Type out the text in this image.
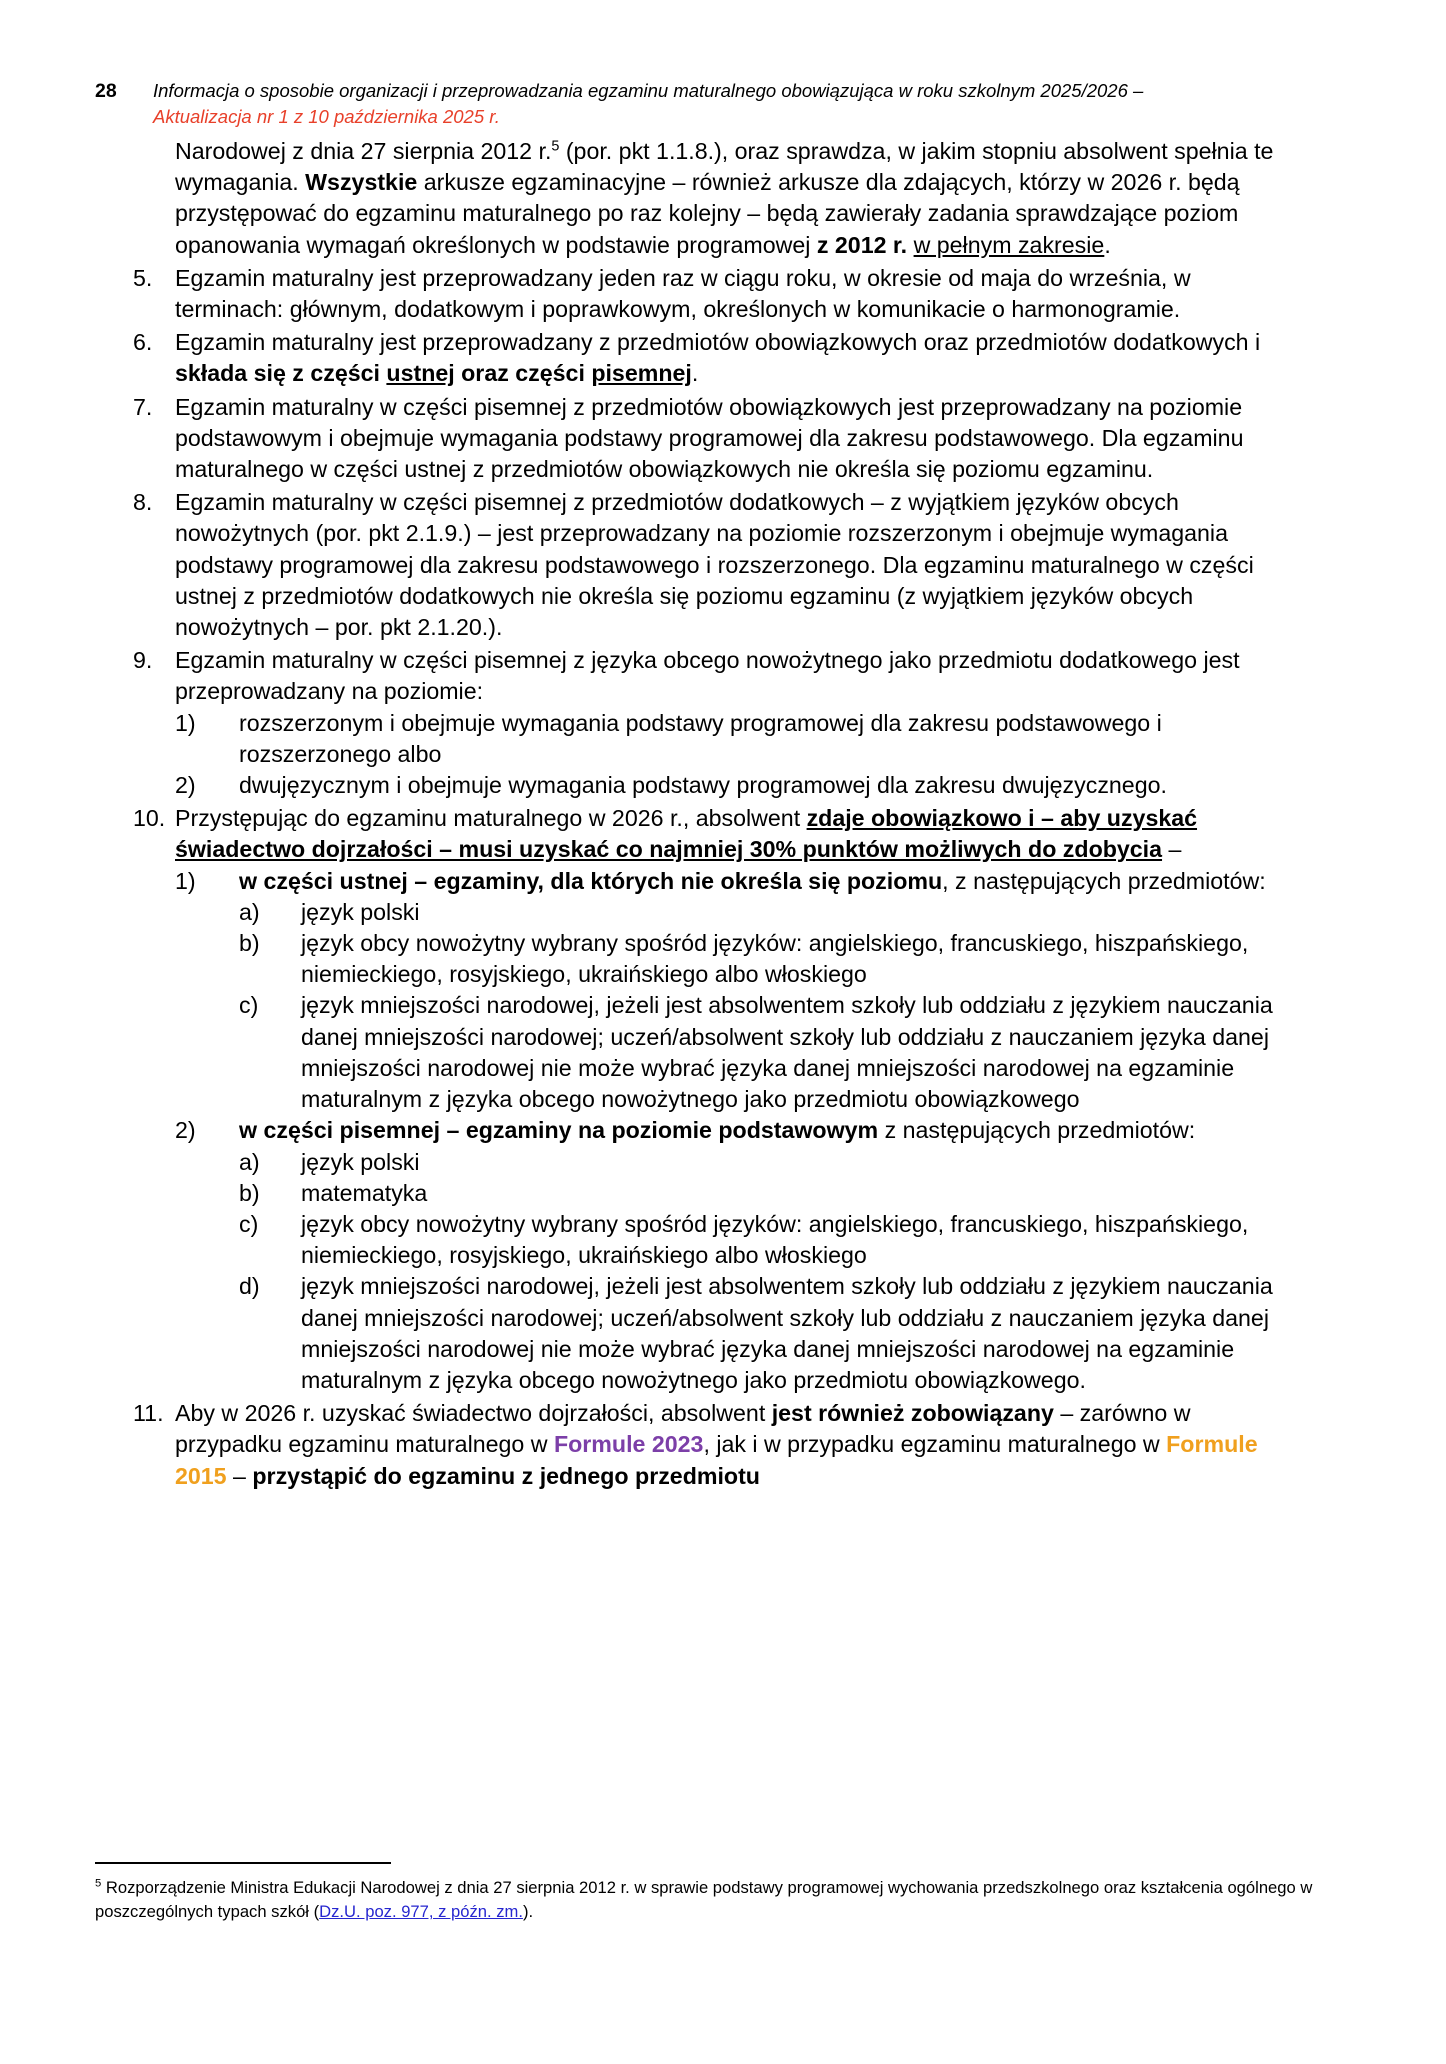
28	Informacja o sposobie organizacji i przeprowadzania egzaminu maturalnego obowiązująca w roku szkolnym 2025/2026 –
Aktualizacja nr 1 z 10 października 2025 r.

Narodowej z dnia 27 sierpnia 2012 r.$^5$ (por. pkt 1.1.8.), oraz sprawdza, w jakim stopniu absolwent spełnia te wymagania. Wszystkie arkusze egzaminacyjne – również arkusze dla zdających, którzy w 2026 r. będą przystępować do egzaminu maturalnego po raz kolejny – będą zawierały zadania sprawdzające poziom opanowania wymagań określonych w podstawie programowej z 2012 r. w pełnym zakresie.

5. Egzamin maturalny jest przeprowadzany jeden raz w ciągu roku, w okresie od maja do września, w terminach: głównym, dodatkowym i poprawkowym, określonych w komunikacie o harmonogramie.
6. Egzamin maturalny jest przeprowadzany z przedmiotów obowiązkowych oraz przedmiotów dodatkowych i składa się z części ustnej oraz części pisemnej.
7. Egzamin maturalny w części pisemnej z przedmiotów obowiązkowych jest przeprowadzany na poziomie podstawowym i obejmuje wymagania podstawy programowej dla zakresu podstawowego. Dla egzaminu maturalnego w części ustnej z przedmiotów obowiązkowych nie określa się poziomu egzaminu.
8. Egzamin maturalny w części pisemnej z przedmiotów dodatkowych – z wyjątkiem języków obcych nowożytnych (por. pkt 2.1.9.) – jest przeprowadzany na poziomie rozszerzonym i obejmuje wymagania podstawy programowej dla zakresu podstawowego i rozszerzonego. Dla egzaminu maturalnego w części ustnej z przedmiotów dodatkowych nie określa się poziomu egzaminu (z wyjątkiem języków obcych nowożytnych – por. pkt 2.1.20.).
9. Egzamin maturalny w części pisemnej z języka obcego nowożytnego jako przedmiotu dodatkowego jest przeprowadzany na poziomie:
1)	rozszerzonym i obejmuje wymagania podstawy programowej dla zakresu podstawowego i rozszerzonego albo
2)	dwujęzycznym i obejmuje wymagania podstawy programowej dla zakresu dwujęzycznego.
10. Przystępując do egzaminu maturalnego w 2026 r., absolwent zdaje obowiązkowo i – aby uzyskać świadectwo dojrzałości – musi uzyskać co najmniej 30% punktów możliwych do zdobycia –
1)	w części ustnej – egzaminy, dla których nie określa się poziomu, z następujących przedmiotów:
a)	język polski
b)	język obcy nowożytny wybrany spośród języków: angielskiego, francuskiego, hiszpańskiego, niemieckiego, rosyjskiego, ukraińskiego albo włoskiego
c)	język mniejszości narodowej, jeżeli jest absolwentem szkoły lub oddziału z językiem nauczania danej mniejszości narodowej; uczeń/absolwent szkoły lub oddziału z nauczaniem języka danej mniejszości narodowej nie może wybrać języka danej mniejszości narodowej na egzaminie maturalnym z języka obcego nowożytnego jako przedmiotu obowiązkowego
2)	w części pisemnej – egzaminy na poziomie podstawowym z następujących przedmiotów:
a)	język polski
b)	matematyka
c)	język obcy nowożytny wybrany spośród języków: angielskiego, francuskiego, hiszpańskiego, niemieckiego, rosyjskiego, ukraińskiego albo włoskiego
d)	język mniejszości narodowej, jeżeli jest absolwentem szkoły lub oddziału z językiem nauczania danej mniejszości narodowej; uczeń/absolwent szkoły lub oddziału z nauczaniem języka danej mniejszości narodowej nie może wybrać języka danej mniejszości narodowej na egzaminie maturalnym z języka obcego nowożytnego jako przedmiotu obowiązkowego.
11. Aby w 2026 r. uzyskać świadectwo dojrzałości, absolwent jest również zobowiązany – zarówno w przypadku egzaminu maturalnego w Formule 2023, jak i w przypadku egzaminu maturalnego w Formule 2015 – przystąpić do egzaminu z jednego przedmiotu
$^5$ Rozporządzenie Ministra Edukacji Narodowej z dnia 27 sierpnia 2012 r. w sprawie podstawy programowej wychowania przedszkolnego oraz kształcenia ogólnego w poszczególnych typach szkół (Dz.U. poz. 977, z późn. zm.).
